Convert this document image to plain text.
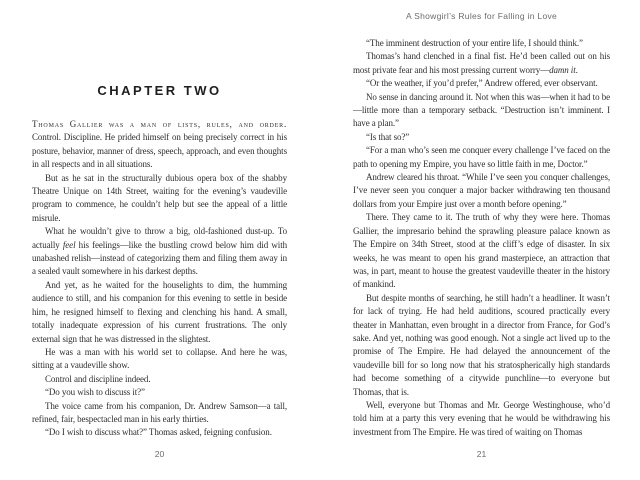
CHAPTER TWO

Thomas Gallier was a man of lists, rules, and order. Control. Discipline. He prided himself on being precisely correct in his posture, behavior, manner of dress, speech, approach, and even thoughts in all respects and in all situations.

But as he sat in the structurally dubious opera box of the shabby Theatre Unique on 14th Street, waiting for the evening’s vaudeville program to commence, he couldn’t help but see the appeal of a little misrule.

What he wouldn’t give to throw a big, old-fashioned dust-up. To actually feel his feelings—like the bustling crowd below him did with unabashed relish—instead of categorizing them and filing them away in a sealed vault somewhere in his darkest depths.

And yet, as he waited for the houselights to dim, the humming audience to still, and his companion for this evening to settle in beside him, he resigned himself to flexing and clenching his hand. A small, totally inadequate expression of his current frustrations. The only external sign that he was distressed in the slightest.

He was a man with his world set to collapse. And here he was, sitting at a vaudeville show.

Control and discipline indeed.

“Do you wish to discuss it?”

The voice came from his companion, Dr. Andrew Samson—a tall, refined, fair, bespectacled man in his early thirties.

“Do I wish to discuss what?” Thomas asked, feigning confusion.

20
A Showgirl’s Rules for Falling in Love

“The imminent destruction of your entire life, I should think.”

Thomas’s hand clenched in a final fist. He’d been called out on his most private fear and his most pressing current worry—damn it.

“Or the weather, if you’d prefer,” Andrew offered, ever observant.

No sense in dancing around it. Not when this was—when it had to be—little more than a temporary setback. “Destruction isn’t imminent. I have a plan.”

“Is that so?”

“For a man who’s seen me conquer every challenge I’ve faced on the path to opening my Empire, you have so little faith in me, Doctor.”

Andrew cleared his throat. “While I’ve seen you conquer challenges, I’ve never seen you conquer a major backer withdrawing ten thousand dollars from your Empire just over a month before opening.”

There. They came to it. The truth of why they were here. Thomas Gallier, the impresario behind the sprawling pleasure palace known as The Empire on 34th Street, stood at the cliff’s edge of disaster. In six weeks, he was meant to open his grand masterpiece, an attraction that was, in part, meant to house the greatest vaudeville theater in the history of mankind.

But despite months of searching, he still hadn’t a headliner. It wasn’t for lack of trying. He had held auditions, scoured practically every theater in Manhattan, even brought in a director from France, for God’s sake. And yet, nothing was good enough. Not a single act lived up to the promise of The Empire. He had delayed the announcement of the vaudeville bill for so long now that his stratospherically high standards had become something of a citywide punchline—to everyone but Thomas, that is.

Well, everyone but Thomas and Mr. George Westinghouse, who’d told him at a party this very evening that he would be withdrawing his investment from The Empire. He was tired of waiting on Thomas

21
